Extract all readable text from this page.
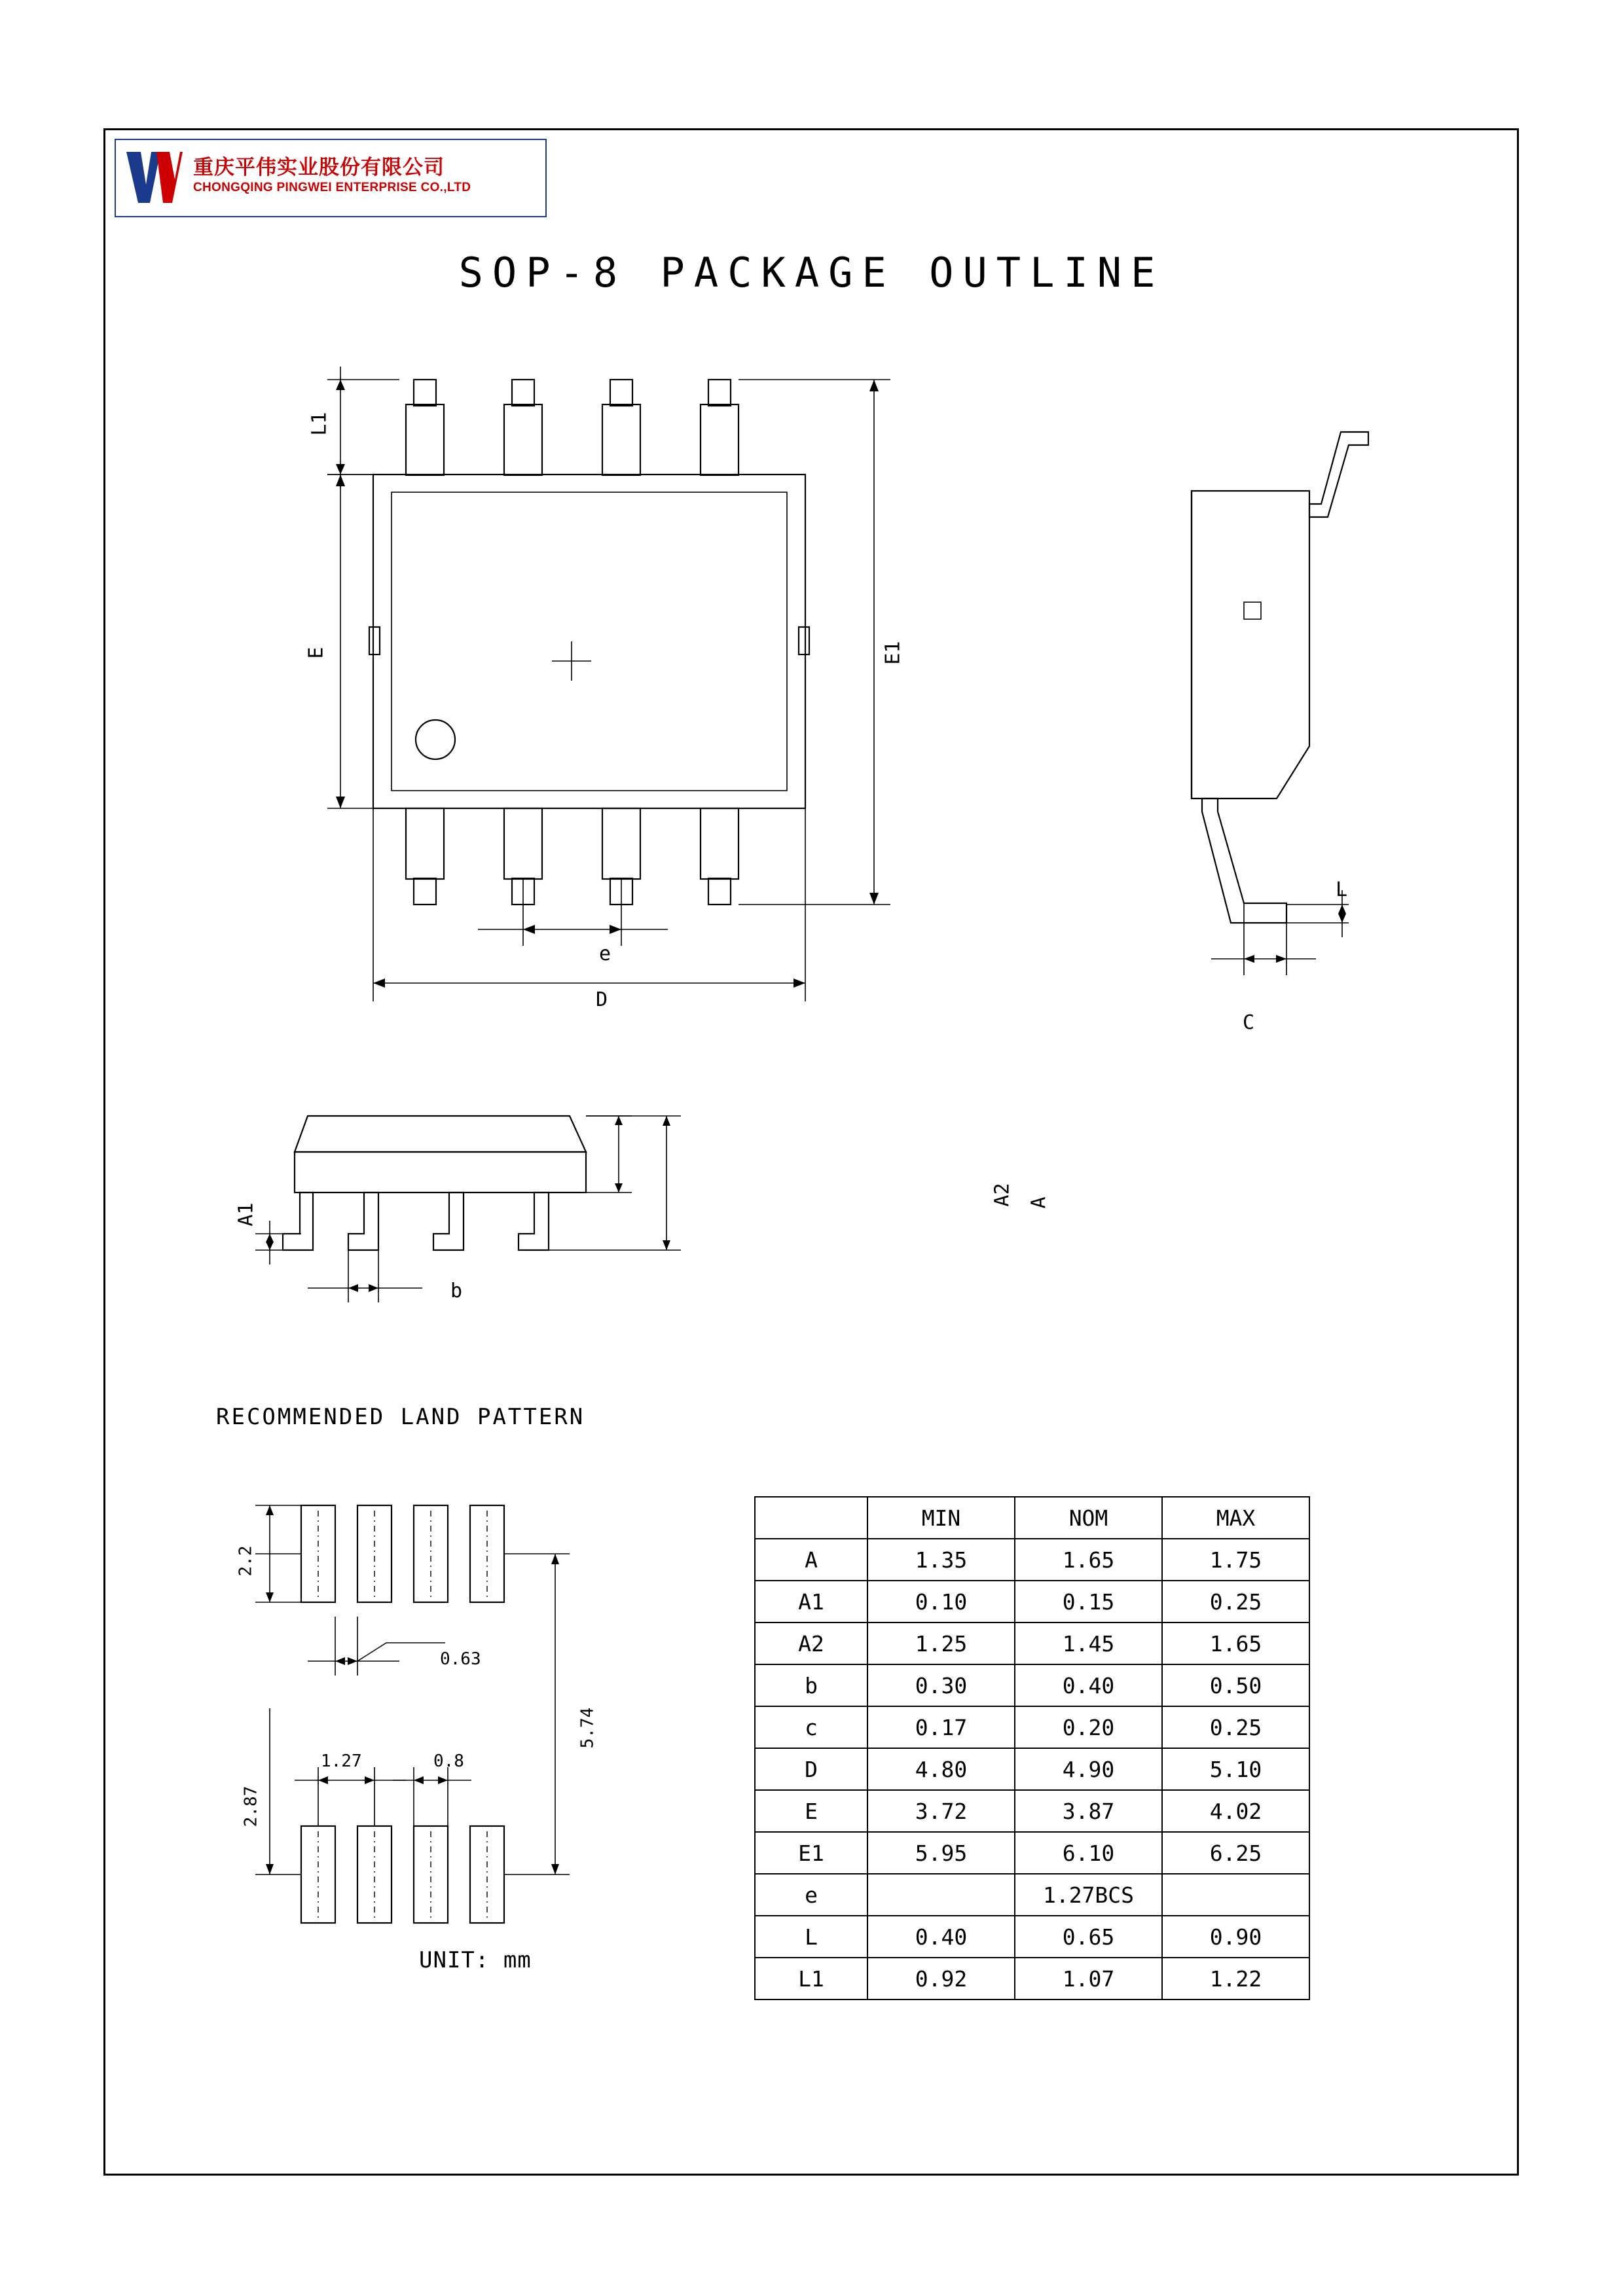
重庆平伟实业股份有限公司
CHONGQING PINGWEI ENTERPRISE CO.,LTD
SOP-8 PACKAGE OUTLINE
L1
E	E1
e
D
L
C
A1
A2 A
b
RECOMMENDED LAND PATTERN
2.2
0.63
5.74
2.87
1.27	0.8
UNIT: mm
	MIN	NOM	MAX
A	1.35	1.65	1.75
A1	0.10	0.15	0.25
A2	1.25	1.45	1.65
b	0.30	0.40	0.50
c	0.17	0.20	0.25
D	4.80	4.90	5.10
E	3.72	3.87	4.02
E1	5.95	6.10	6.25
e		1.27BCS	
L	0.40	0.65	0.90
L1	0.92	1.07	1.22
